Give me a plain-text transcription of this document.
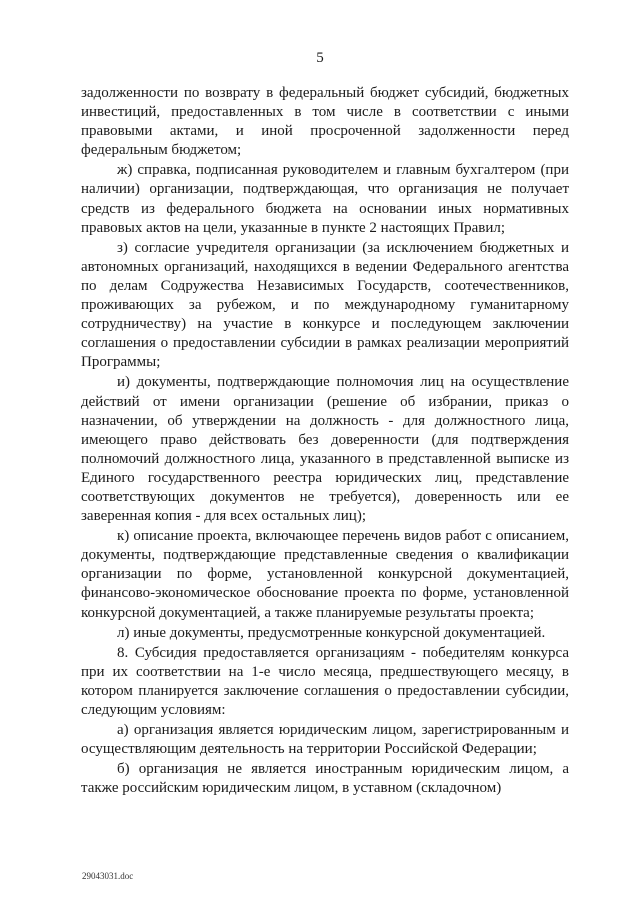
5

задолженности по возврату в федеральный бюджет субсидий, бюджетных инвестиций, предоставленных в том числе в соответствии с иными правовыми актами, и иной просроченной задолженности перед федеральным бюджетом;

ж) справка, подписанная руководителем и главным бухгалтером (при наличии) организации, подтверждающая, что организация не получает средств из федерального бюджета на основании иных нормативных правовых актов на цели, указанные в пункте 2 настоящих Правил;

з) согласие учредителя организации (за исключением бюджетных и автономных организаций, находящихся в ведении Федерального агентства по делам Содружества Независимых Государств, соотечественников, проживающих за рубежом, и по международному гуманитарному сотрудничеству) на участие в конкурсе и последующем заключении соглашения о предоставлении субсидии в рамках реализации мероприятий Программы;

и) документы, подтверждающие полномочия лиц на осуществление действий от имени организации (решение об избрании, приказ о назначении, об утверждении на должность - для должностного лица, имеющего право действовать без доверенности (для подтверждения полномочий должностного лица, указанного в представленной выписке из Единого государственного реестра юридических лиц, представление соответствующих документов не требуется), доверенность или ее заверенная копия - для всех остальных лиц);

к) описание проекта, включающее перечень видов работ с описанием, документы, подтверждающие представленные сведения о квалификации организации по форме, установленной конкурсной документацией, финансово-экономическое обоснование проекта по форме, установленной конкурсной документацией, а также планируемые результаты проекта;

л) иные документы, предусмотренные конкурсной документацией.

8. Субсидия предоставляется организациям - победителям конкурса при их соответствии на 1-е число месяца, предшествующего месяцу, в котором планируется заключение соглашения о предоставлении субсидии, следующим условиям:

а) организация является юридическим лицом, зарегистрированным и осуществляющим деятельность на территории Российской Федерации;

б) организация не является иностранным юридическим лицом, а также российским юридическим лицом, в уставном (складочном)

29043031.doc
